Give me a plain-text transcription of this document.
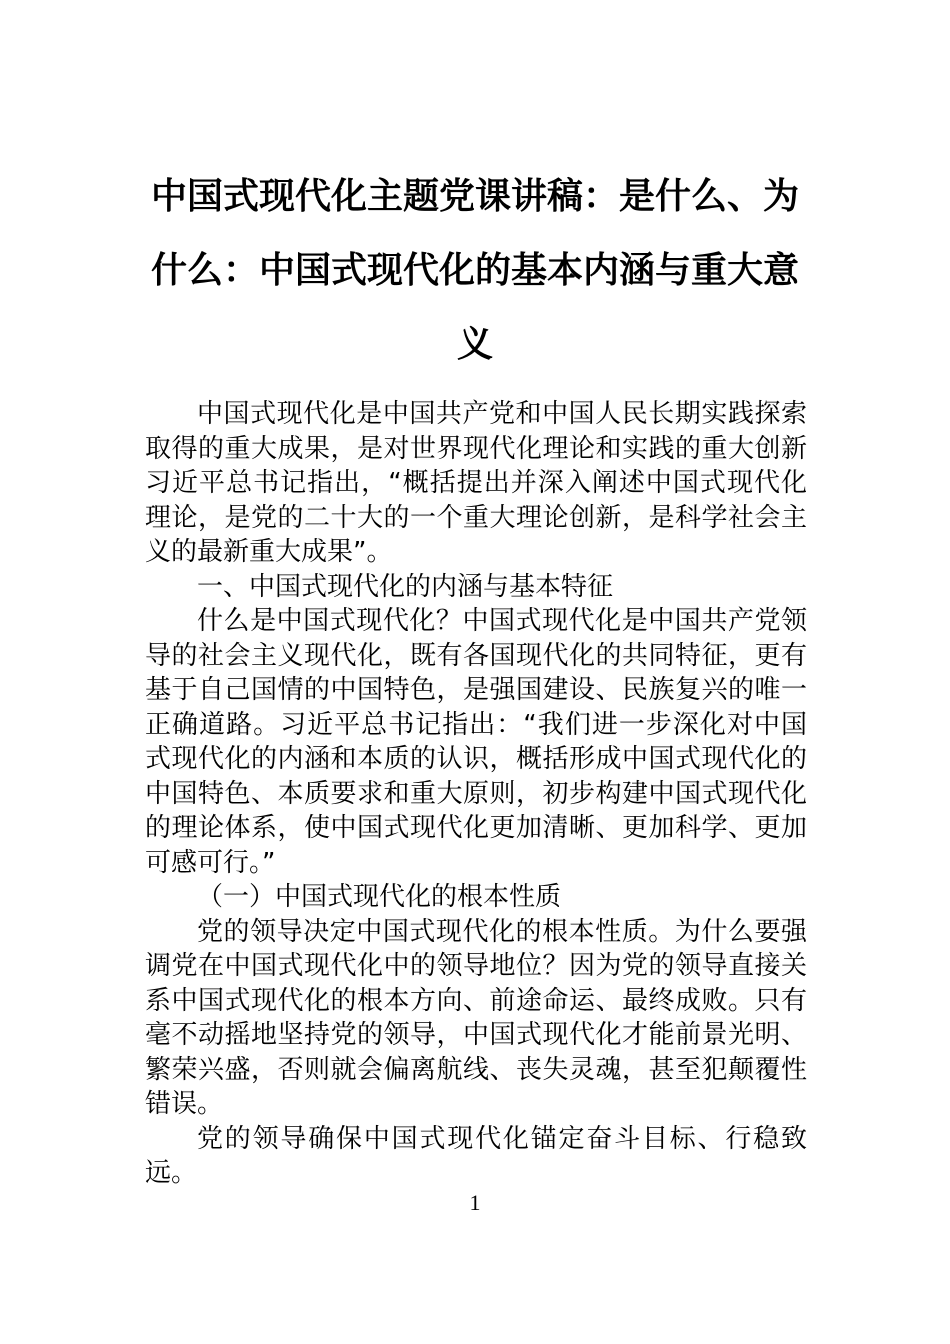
中国式现代化主题党课讲稿：是什么、为什么：中国式现代化的基本内涵与重大意义

中国式现代化是中国共产党和中国人民长期实践探索取得的重大成果，是对世界现代化理论和实践的重大创新习近平总书记指出，“概括提出并深入阐述中国式现代化理论，是党的二十大的一个重大理论创新，是科学社会主义的最新重大成果”。

一、中国式现代化的内涵与基本特征

什么是中国式现代化？中国式现代化是中国共产党领导的社会主义现代化，既有各国现代化的共同特征，更有基于自己国情的中国特色，是强国建设、民族复兴的唯一正确道路。习近平总书记指出：“我们进一步深化对中国式现代化的内涵和本质的认识，概括形成中国式现代化的中国特色、本质要求和重大原则，初步构建中国式现代化的理论体系，使中国式现代化更加清晰、更加科学、更加可感可行。”

（一）中国式现代化的根本性质

党的领导决定中国式现代化的根本性质。为什么要强调党在中国式现代化中的领导地位？因为党的领导直接关系中国式现代化的根本方向、前途命运、最终成败。只有毫不动摇地坚持党的领导，中国式现代化才能前景光明、繁荣兴盛，否则就会偏离航线、丧失灵魂，甚至犯颠覆性错误。

党的领导确保中国式现代化锚定奋斗目标、行稳致远。

1
